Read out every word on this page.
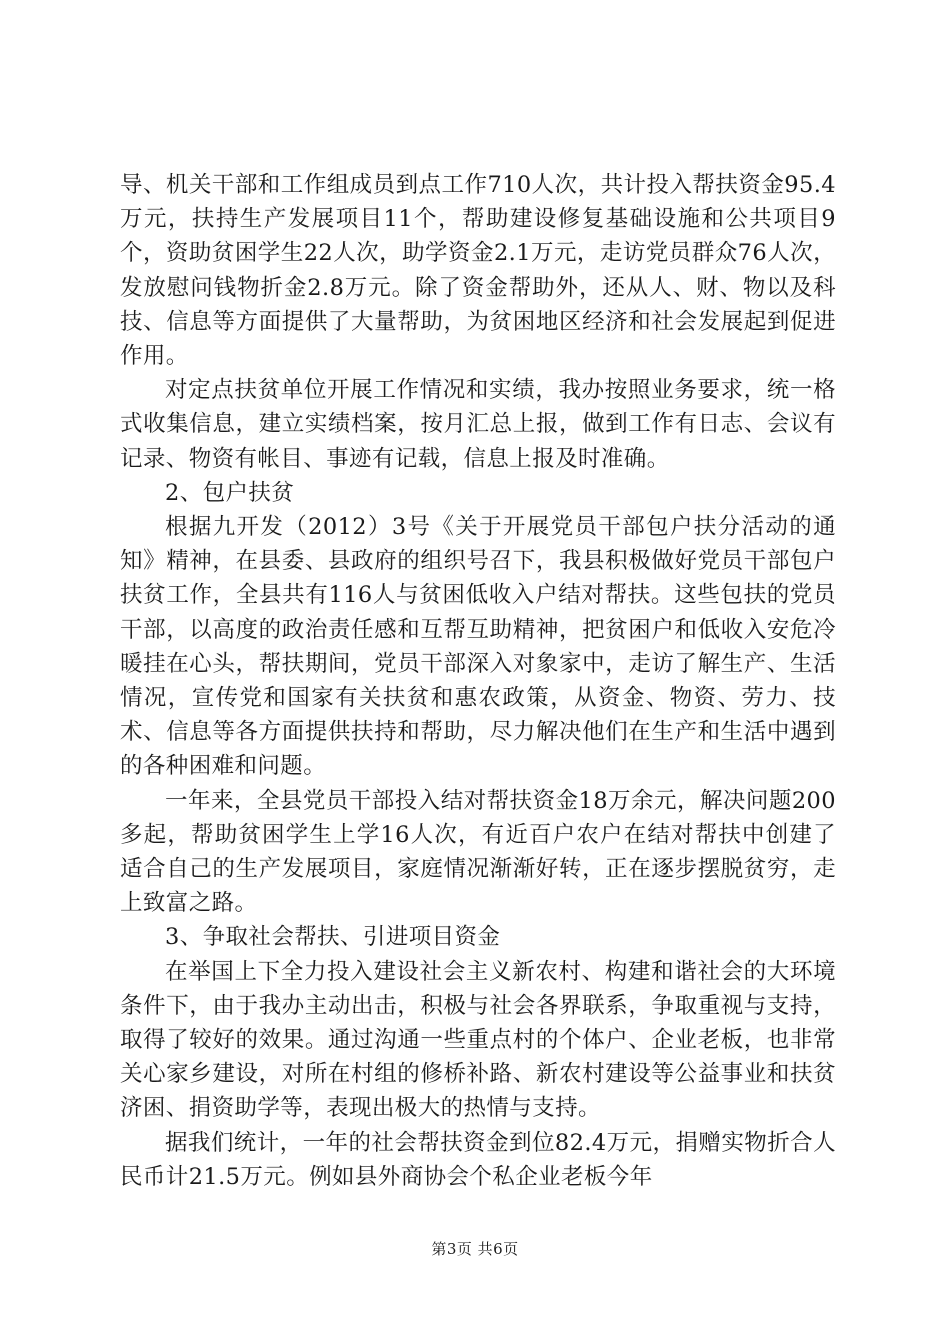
导、机关干部和工作组成员到点工作710人次，共计投入帮扶资金95.4万元，扶持生产发展项目11个，帮助建设修复基础设施和公共项目9个，资助贫困学生22人次，助学资金2.1万元，走访党员群众76人次，发放慰问钱物折金2.8万元。除了资金帮助外，还从人、财、物以及科技、信息等方面提供了大量帮助，为贫困地区经济和社会发展起到促进作用。

对定点扶贫单位开展工作情况和实绩，我办按照业务要求，统一格式收集信息，建立实绩档案，按月汇总上报，做到工作有日志、会议有记录、物资有帐目、事迹有记载，信息上报及时准确。

2、包户扶贫

根据九开发（2012）3号《关于开展党员干部包户扶分活动的通知》精神，在县委、县政府的组织号召下，我县积极做好党员干部包户扶贫工作，全县共有116人与贫困低收入户结对帮扶。这些包扶的党员干部，以高度的政治责任感和互帮互助精神，把贫困户和低收入安危冷暖挂在心头，帮扶期间，党员干部深入对象家中，走访了解生产、生活情况，宣传党和国家有关扶贫和惠农政策，从资金、物资、劳力、技术、信息等各方面提供扶持和帮助，尽力解决他们在生产和生活中遇到的各种困难和问题。

一年来，全县党员干部投入结对帮扶资金18万余元，解决问题200多起，帮助贫困学生上学16人次，有近百户农户在结对帮扶中创建了适合自己的生产发展项目，家庭情况渐渐好转，正在逐步摆脱贫穷，走上致富之路。

3、争取社会帮扶、引进项目资金

在举国上下全力投入建设社会主义新农村、构建和谐社会的大环境条件下，由于我办主动出击，积极与社会各界联系，争取重视与支持，取得了较好的效果。通过沟通一些重点村的个体户、企业老板，也非常关心家乡建设，对所在村组的修桥补路、新农村建设等公益事业和扶贫济困、捐资助学等，表现出极大的热情与支持。

据我们统计，一年的社会帮扶资金到位82.4万元，捐赠实物折合人民币计21.5万元。例如县外商协会个私企业老板今年

第3页 共6页
